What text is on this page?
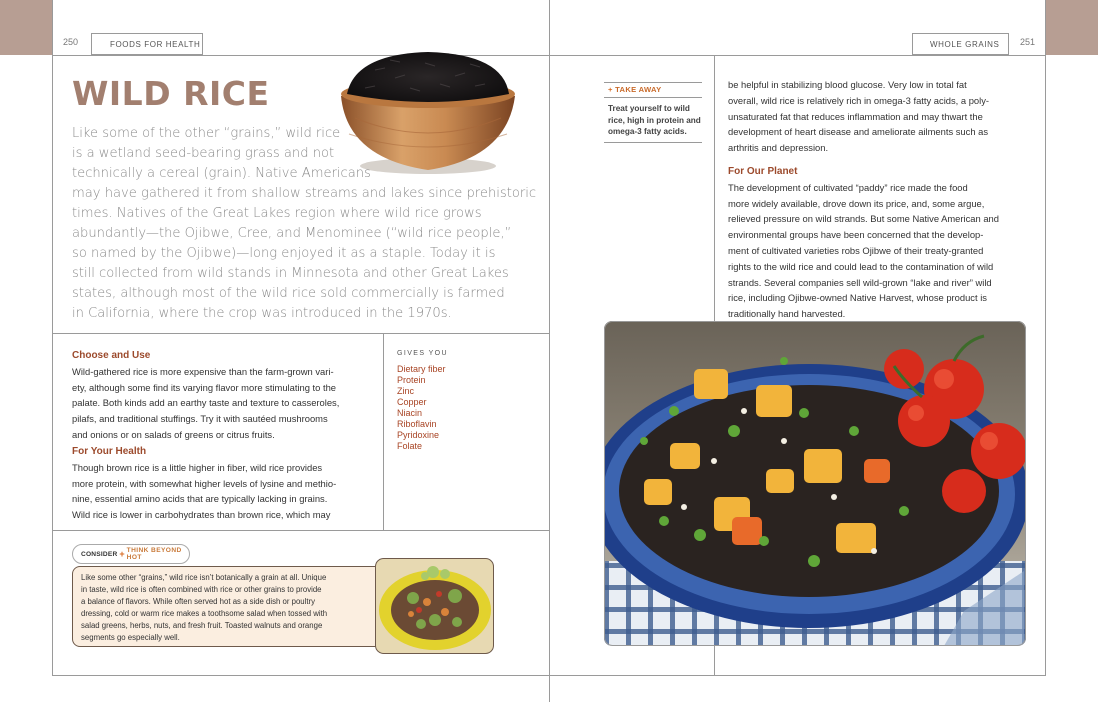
250	FOODS FOR HEALTH	WHOLE GRAINS 251
WILD RICE
Like some of the other “grains,” wild rice
is a wetland seed-bearing grass and not
technically a cereal (grain). Native Americans
may have gathered it from shallow streams and lakes since prehistoric
times. Natives of the Great Lakes region where wild rice grows
abundantly—the Ojibwe, Cree, and Menominee (“wild rice people,”
so named by the Ojibwe)—long enjoyed it as a staple. Today it is
still collected from wild stands in Minnesota and other Great Lakes
states, although most of the wild rice sold commercially is farmed
in California, where the crop was introduced in the 1970s.
Choose and Use
Wild-gathered rice is more expensive than the farm-grown vari-
ety, although some find its varying flavor more stimulating to the
palate. Both kinds add an earthy taste and texture to casseroles,
pilafs, and traditional stuffings. Try it with sautéed mushrooms
and onions or on salads of greens or citrus fruits.
For Your Health
Though brown rice is a little higher in fiber, wild rice provides
more protein, with somewhat higher levels of lysine and methio-
nine, essential amino acids that are typically lacking in grains.
Wild rice is lower in carbohydrates than brown rice, which may
GIVES YOU
Dietary fiber
Protein
Zinc
Copper
Niacin
Riboflavin
Pyridoxine
Folate
CONSIDER + THINK BEYOND HOT
Like some other “grains,” wild rice isn’t botanically a grain at all. Unique
in taste, wild rice is often combined with rice or other grains to provide
a balance of flavors. While often served hot as a side dish or poultry
dressing, cold or warm rice makes a toothsome salad when tossed with
salad greens, herbs, nuts, and fresh fruit. Toasted walnuts and orange
segments go especially well.
+ TAKE AWAY
Treat yourself to wild
rice, high in protein and
omega-3 fatty acids.
be helpful in stabilizing blood glucose. Very low in total fat
overall, wild rice is relatively rich in omega-3 fatty acids, a poly-
unsaturated fat that reduces inflammation and may thwart the
development of heart disease and ameliorate ailments such as
arthritis and depression.
For Our Planet
The development of cultivated “paddy” rice made the food
more widely available, drove down its price, and, some argue,
relieved pressure on wild strands. But some Native American and
environmental groups have been concerned that the develop-
ment of cultivated varieties robs Ojibwe of their treaty-granted
rights to the wild rice and could lead to the contamination of wild
strands. Several companies sell wild-grown “lake and river” wild
rice, including Ojibwe-owned Native Harvest, whose product is
traditionally hand harvested.
